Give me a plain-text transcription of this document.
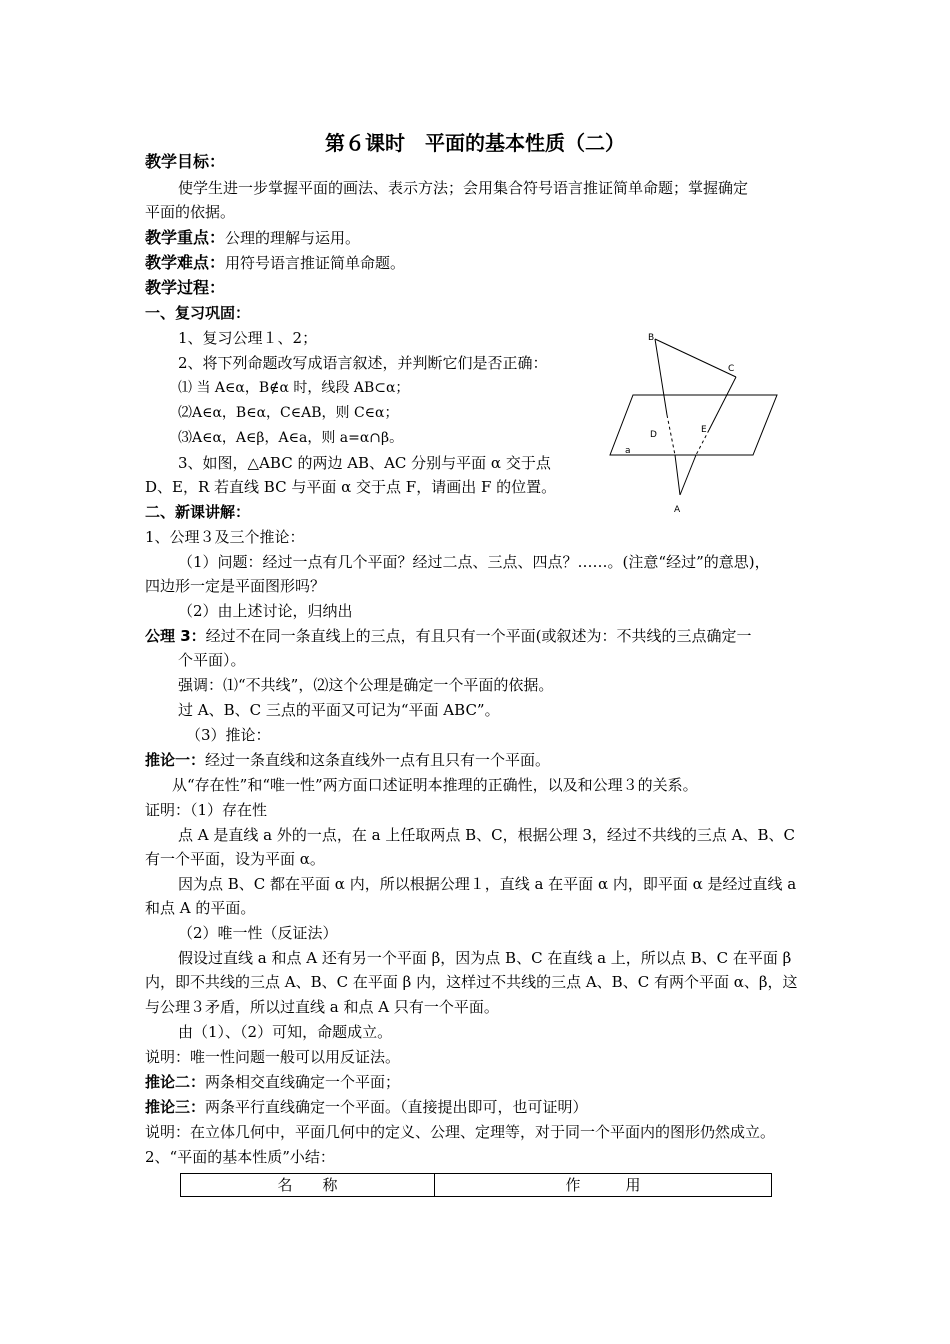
第６课时　平面的基本性质（二）
教学目标：
使学生进一步掌握平面的画法、表示方法；会用集合符号语言推证简单命题；掌握确定
平面的依据。
教学重点：公理的理解与运用。
教学难点：用符号语言推证简单命题。
教学过程：
一、复习巩固：
1、复习公理１、2；
2、将下列命题改写成语言叙述，并判断它们是否正确：
⑴ 当 A∈α，B∉α 时，线段 AB⊂α；
⑵A∈α，B∈α，C∈AB，则 C∈α；
⑶A∈α，A∈β，A∈a，则 a=α∩β。
3、如图，△ABC 的两边 AB、AC 分别与平面 α 交于点
D、E，R 若直线 BC 与平面 α 交于点 F，请画出 F 的位置。
B
C
D	E
A
a
二、新课讲解：
1、公理３及三个推论：
（1）问题：经过一点有几个平面？经过二点、三点、四点？……。(注意“经过”的意思)，
四边形一定是平面图形吗？
（2）由上述讨论，归纳出
公理 3：经过不在同一条直线上的三点，有且只有一个平面(或叙述为：不共线的三点确定一
个平面）。
强调：⑴“不共线”，⑵这个公理是确定一个平面的依据。
过 A、B、C 三点的平面又可记为“平面 ABC”。
（3）推论：
推论一：经过一条直线和这条直线外一点有且只有一个平面。
从“存在性”和“唯一性”两方面口述证明本推理的正确性，以及和公理３的关系。
证明：（1）存在性
点 A 是直线 a 外的一点，在 a 上任取两点 B、C，根据公理 3，经过不共线的三点 A、B、C
有一个平面，设为平面 α。
因为点 B、C 都在平面 α 内，所以根据公理１，直线 a 在平面 α 内，即平面 α 是经过直线 a
和点 A 的平面。
（2）唯一性（反证法）
假设过直线 a 和点 A 还有另一个平面 β，因为点 B、C 在直线 a 上，所以点 B、C 在平面 β
内，即不共线的三点 A、B、C 在平面 β 内，这样过不共线的三点 A、B、C 有两个平面 α、β，这
与公理３矛盾，所以过直线 a 和点 A 只有一个平面。
由（1）、（2）可知，命题成立。
说明：唯一性问题一般可以用反证法。
推论二：两条相交直线确定一个平面；
推论三：两条平行直线确定一个平面。（直接提出即可，也可证明）
说明：在立体几何中，平面几何中的定义、公理、定理等，对于同一个平面内的图形仍然成立。
2、“平面的基本性质”小结：
名　　称	作　　　用
